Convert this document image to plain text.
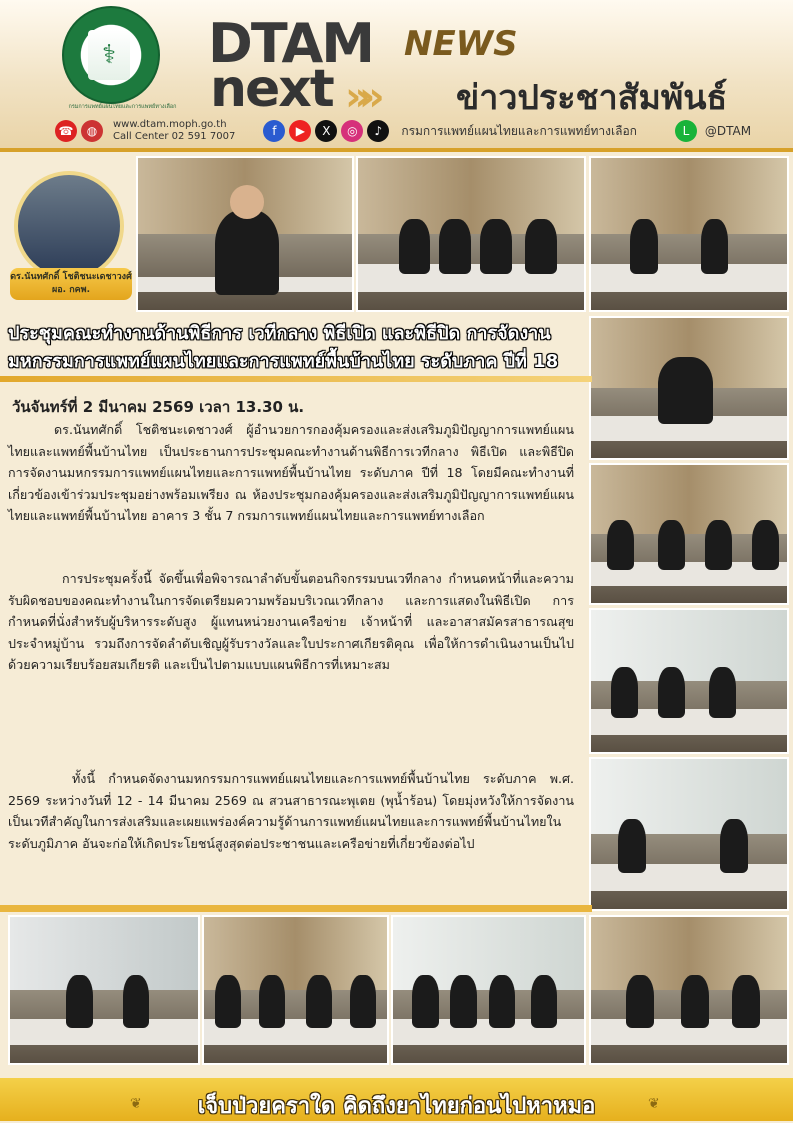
⚕
กรมการแพทย์แผนไทยและการแพทย์ทางเลือก
DTAM NEWS
next »» ข่าวประชาสัมพันธ์
☎	◍	www.dtam.moph.go.th
Call Center 02 591 7007	f	▶	X	◎	♪	กรมการแพทย์แผนไทยและการแพทย์ทางเลือก	L	@DTAM
ดร.นันทศักดิ์ โชติชนะเดชาวงศ์
ผอ. กคพ.
ประชุมคณะทำงานด้านพิธีการ เวทีกลาง พิธีเปิด และพิธีปิด การจัดงาน
มหกรรมการแพทย์แผนไทยและการแพทย์พื้นบ้านไทย ระดับภาค ปีที่ 18
วันจันทร์ที่ 2 มีนาคม 2569 เวลา 13.30 น.
ดร.นันทศักดิ์ โชติชนะเดชาวงศ์ ผู้อำนวยการกองคุ้มครองและส่งเสริมภูมิปัญญาการแพทย์แผนไทยและแพทย์พื้นบ้านไทย เป็นประธานการประชุมคณะทำงานด้านพิธีการเวทีกลาง พิธีเปิด และพิธีปิด การจัดงานมหกรรมการแพทย์แผนไทยและการแพทย์พื้นบ้านไทย ระดับภาค ปีที่ 18 โดยมีคณะทำงานที่เกี่ยวข้องเข้าร่วมประชุมอย่างพร้อมเพรียง ณ ห้องประชุมกองคุ้มครองและส่งเสริมภูมิปัญญาการแพทย์แผนไทยและแพทย์พื้นบ้านไทย อาคาร 3 ชั้น 7 กรมการแพทย์แผนไทยและการแพทย์ทางเลือก
การประชุมครั้งนี้ จัดขึ้นเพื่อพิจารณาลำดับขั้นตอนกิจกรรมบนเวทีกลาง กำหนดหน้าที่และความรับผิดชอบของคณะทำงานในการจัดเตรียมความพร้อมบริเวณเวทีกลาง และการแสดงในพิธีเปิด การกำหนดที่นั่งสำหรับผู้บริหารระดับสูง ผู้แทนหน่วยงานเครือข่าย เจ้าหน้าที่ และอาสาสมัครสาธารณสุขประจำหมู่บ้าน รวมถึงการจัดลำดับเชิญผู้รับรางวัลและใบประกาศเกียรติคุณ เพื่อให้การดำเนินงานเป็นไปด้วยความเรียบร้อยสมเกียรติ และเป็นไปตามแบบแผนพิธีการที่เหมาะสม
ทั้งนี้ กำหนดจัดงานมหกรรมการแพทย์แผนไทยและการแพทย์พื้นบ้านไทย ระดับภาค พ.ศ. 2569 ระหว่างวันที่ 12 - 14 มีนาคม 2569 ณ สวนสาธารณะพุเตย (พุน้ำร้อน) โดยมุ่งหวังให้การจัดงานเป็นเวทีสำคัญในการส่งเสริมและเผยแพร่องค์ความรู้ด้านการแพทย์แผนไทยและการแพทย์พื้นบ้านไทยในระดับภูมิภาค อันจะก่อให้เกิดประโยชน์สูงสุดต่อประชาชนและเครือข่ายที่เกี่ยวข้องต่อไป
❦	เจ็บป่วยคราใด คิดถึงยาไทยก่อนไปหาหมอ	❦
